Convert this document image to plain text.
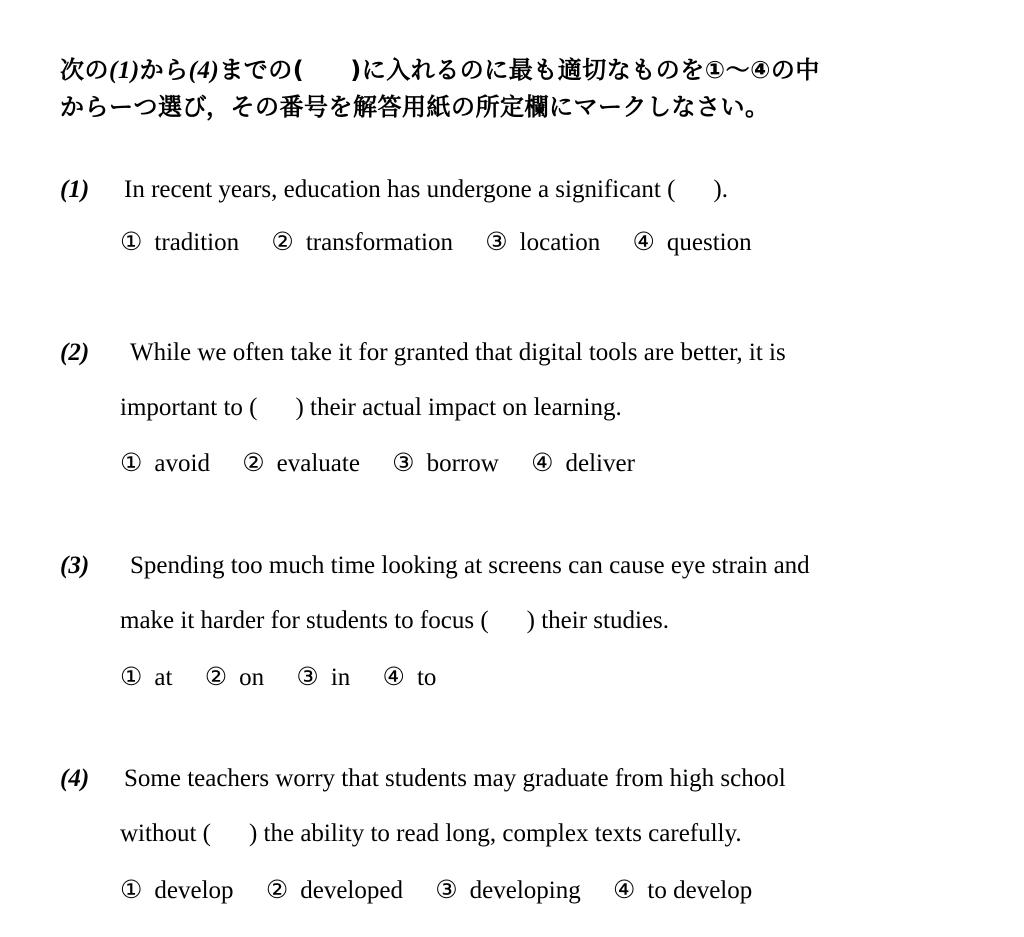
次の(1)から(4)までの( )に入れるのに最も適切なものを①～④の中
からーつ選び，その番号を解答用紙の所定欄にマークしなさい。
(1) In recent years, education has undergone a significant ( ).
① tradition ② transformation ③ location ④ question
(2) While we often take it for granted that digital tools are better, it is
important to ( ) their actual impact on learning.
① avoid ② evaluate ③ borrow ④ deliver
(3) Spending too much time looking at screens can cause eye strain and
make it harder for students to focus ( ) their studies.
① at ② on ③ in ④ to
(4) Some teachers worry that students may graduate from high school
without ( ) the ability to read long, complex texts carefully.
① develop ② developed ③ developing ④ to develop
